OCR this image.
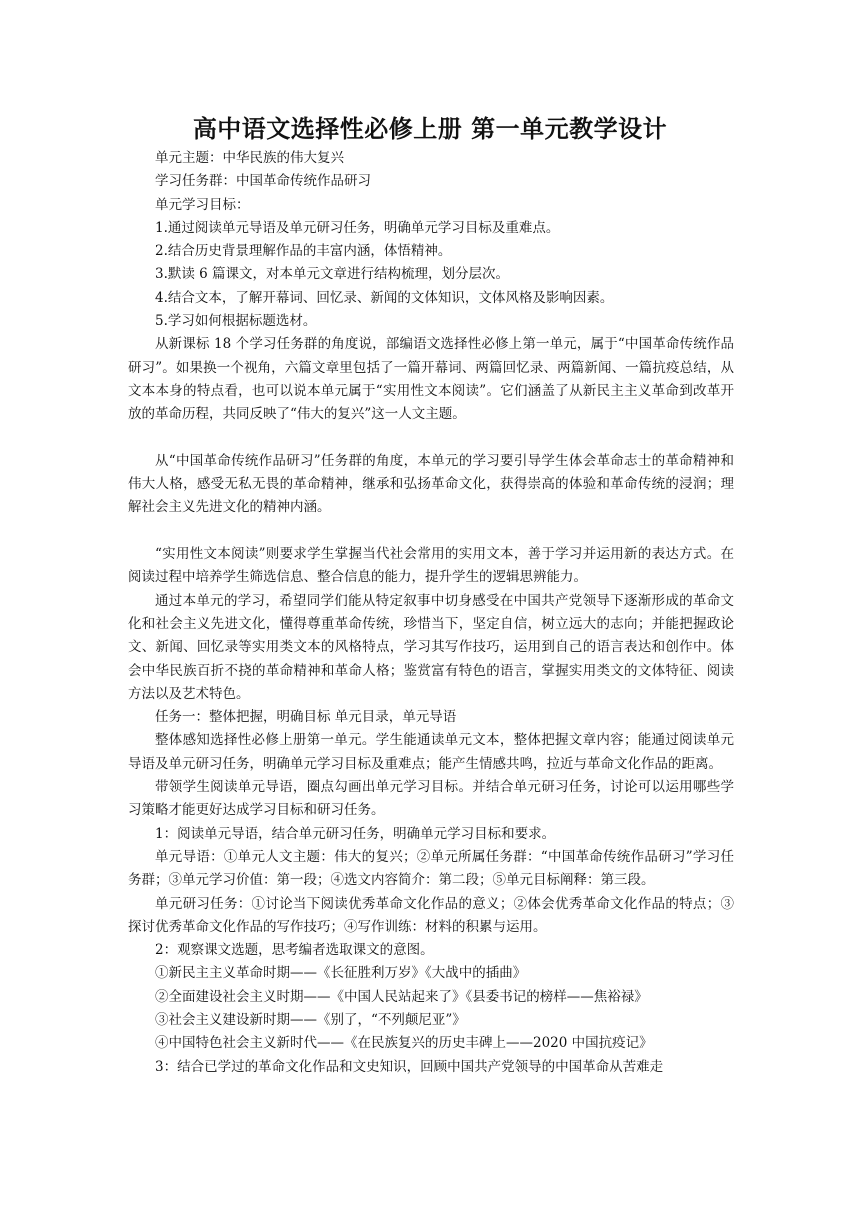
高中语文选择性必修上册 第一单元教学设计

单元主题：中华民族的伟大复兴

学习任务群：中国革命传统作品研习

单元学习目标：

1.通过阅读单元导语及单元研习任务，明确单元学习目标及重难点。

2.结合历史背景理解作品的丰富内涵，体悟精神。

3.默读 6 篇课文，对本单元文章进行结构梳理，划分层次。

4.结合文本，了解开幕词、回忆录、新闻的文体知识，文体风格及影响因素。

5.学习如何根据标题选材。

从新课标 18 个学习任务群的角度说，部编语文选择性必修上第一单元，属于“中国革命传统作品研习”。如果换一个视角，六篇文章里包括了一篇开幕词、两篇回忆录、两篇新闻、一篇抗疫总结，从文本本身的特点看，也可以说本单元属于“实用性文本阅读”。它们涵盖了从新民主主义革命到改革开放的革命历程，共同反映了“伟大的复兴”这一人文主题。

从“中国革命传统作品研习”任务群的角度，本单元的学习要引导学生体会革命志士的革命精神和伟大人格，感受无私无畏的革命精神，继承和弘扬革命文化，获得崇高的体验和革命传统的浸润；理解社会主义先进文化的精神内涵。

“实用性文本阅读”则要求学生掌握当代社会常用的实用文本，善于学习并运用新的表达方式。在阅读过程中培养学生筛选信息、整合信息的能力，提升学生的逻辑思辨能力。

通过本单元的学习，希望同学们能从特定叙事中切身感受在中国共产党领导下逐渐形成的革命文化和社会主义先进文化，懂得尊重革命传统，珍惜当下，坚定自信，树立远大的志向；并能把握政论文、新闻、回忆录等实用类文本的风格特点，学习其写作技巧，运用到自己的语言表达和创作中。体会中华民族百折不挠的革命精神和革命人格；鉴赏富有特色的语言，掌握实用类文的文体特征、阅读方法以及艺术特色。

任务一：整体把握，明确目标 单元目录，单元导语

整体感知选择性必修上册第一单元。学生能通读单元文本，整体把握文章内容；能通过阅读单元导语及单元研习任务，明确单元学习目标及重难点；能产生情感共鸣，拉近与革命文化作品的距离。

带领学生阅读单元导语，圈点勾画出单元学习目标。并结合单元研习任务，讨论可以运用哪些学习策略才能更好达成学习目标和研习任务。

1：阅读单元导语，结合单元研习任务，明确单元学习目标和要求。

单元导语：①单元人文主题：伟大的复兴；②单元所属任务群：“中国革命传统作品研习”学习任务群；③单元学习价值：第一段；④选文内容简介：第二段；⑤单元目标阐释：第三段。

单元研习任务：①讨论当下阅读优秀革命文化作品的意义；②体会优秀革命文化作品的特点；③探讨优秀革命文化作品的写作技巧；④写作训练：材料的积累与运用。

2：观察课文选题，思考编者选取课文的意图。

①新民主主义革命时期——《长征胜利万岁》《大战中的插曲》

②全面建设社会主义时期——《中国人民站起来了》《县委书记的榜样——焦裕禄》

③社会主义建设新时期——《别了，“不列颠尼亚”》

④中国特色社会主义新时代——《在民族复兴的历史丰碑上——2020 中国抗疫记》

3：结合已学过的革命文化作品和文史知识，回顾中国共产党领导的中国革命从苦难走
